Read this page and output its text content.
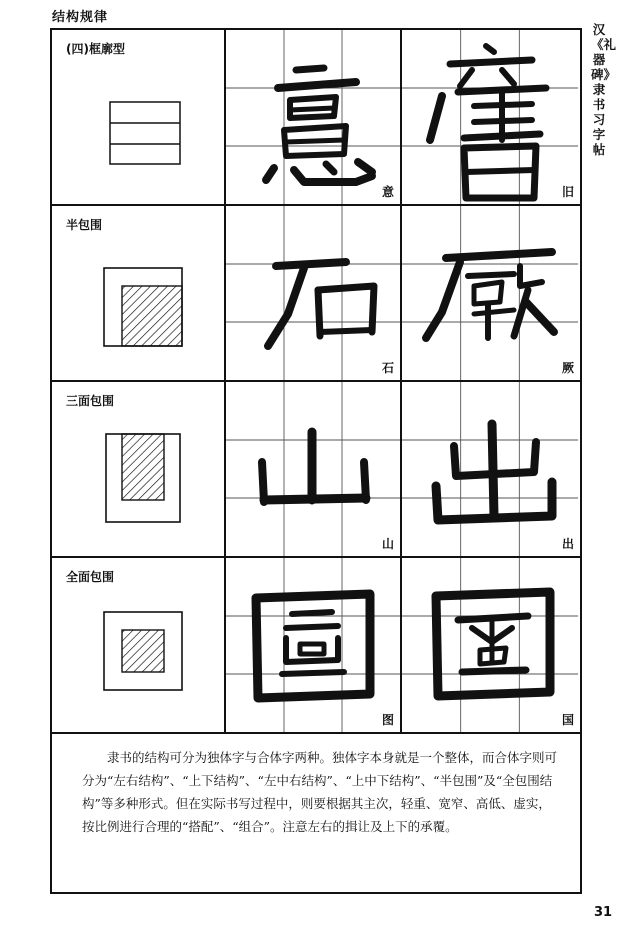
结构规律
汉《礼器碑》隶书习字帖
(四)框廓型
意	旧
半包围
石	厥
三面包围
山	出
全面包围
图	国
隶书的结构可分为独体字与合体字两种。独体字本身就是一个整体，而合体字则可分为“左右结构”、“上下结构”、“左中右结构”、“上中下结构”、“半包围”及“全包围结构”等多种形式。但在实际书写过程中，则要根据其主次，轻重、宽窄、高低、虚实，按比例进行合理的“搭配”、“组合”。注意左右的揖让及上下的承覆。
31
